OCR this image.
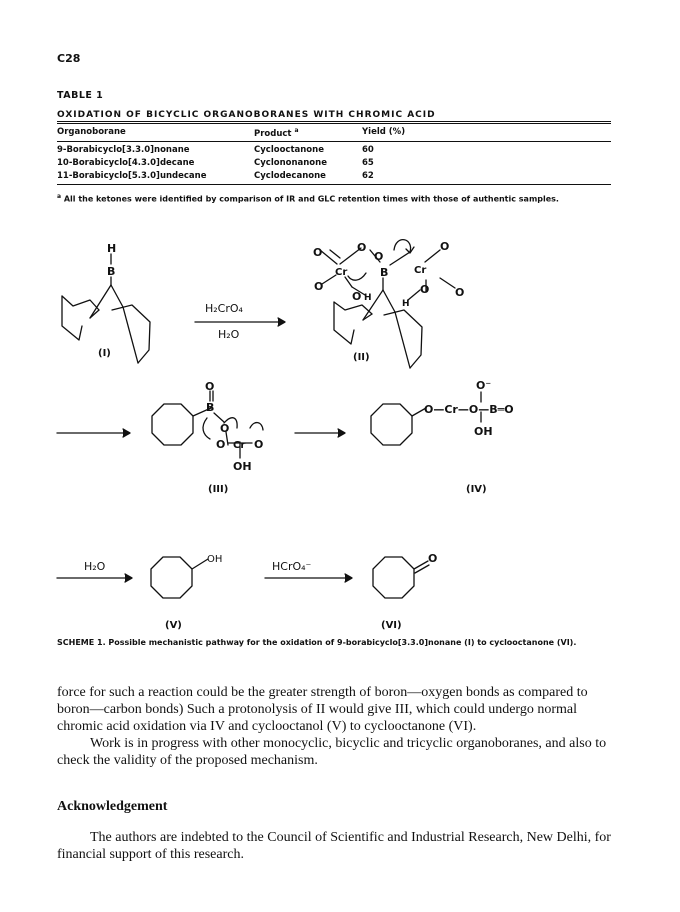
C28
TABLE 1
OXIDATION OF BICYCLIC ORGANOBORANES WITH CHROMIC ACID
Organoborane	Product $^a$	Yield (%)
9-Borabicyclo[3.3.0]nonane	Cyclooctanone	60
10-Borabicyclo[4.3.0]decane	Cyclononanone	65
11-Borabicyclo[5.3.0]undecane	Cyclodecanone	62
$^a$ All the ketones were identified by comparison of IR and GLC retention times with those of authentic samples.
H
B
(I)
H₂CrO₄
H₂O
O	O
Cr	B
O
O H
O
Cr
O
O
O
H
(II)
O
B
O
O Cr O
OH
(III)
O⁻
O—Cr—O—B═O
OH
(IV)
H₂O
OH
(V)
HCrO₄⁻
O
(VI)
SCHEME 1. Possible mechanistic pathway for the oxidation of 9-borabicyclo[3.3.0]nonane (I) to cyclooctanone (VI).

force for such a reaction could be the greater strength of boron—oxygen bonds as compared to boron—carbon bonds) Such a protonolysis of II would give III, which could undergo normal chromic acid oxidation via IV and cyclooctanol (V) to cyclooctanone (VI).

Work is in progress with other monocyclic, bicyclic and tricyclic organoboranes, and also to check the validity of the proposed mechanism.

Acknowledgement

The authors are indebted to the Council of Scientific and Industrial Research, New Delhi, for financial support of this research.
